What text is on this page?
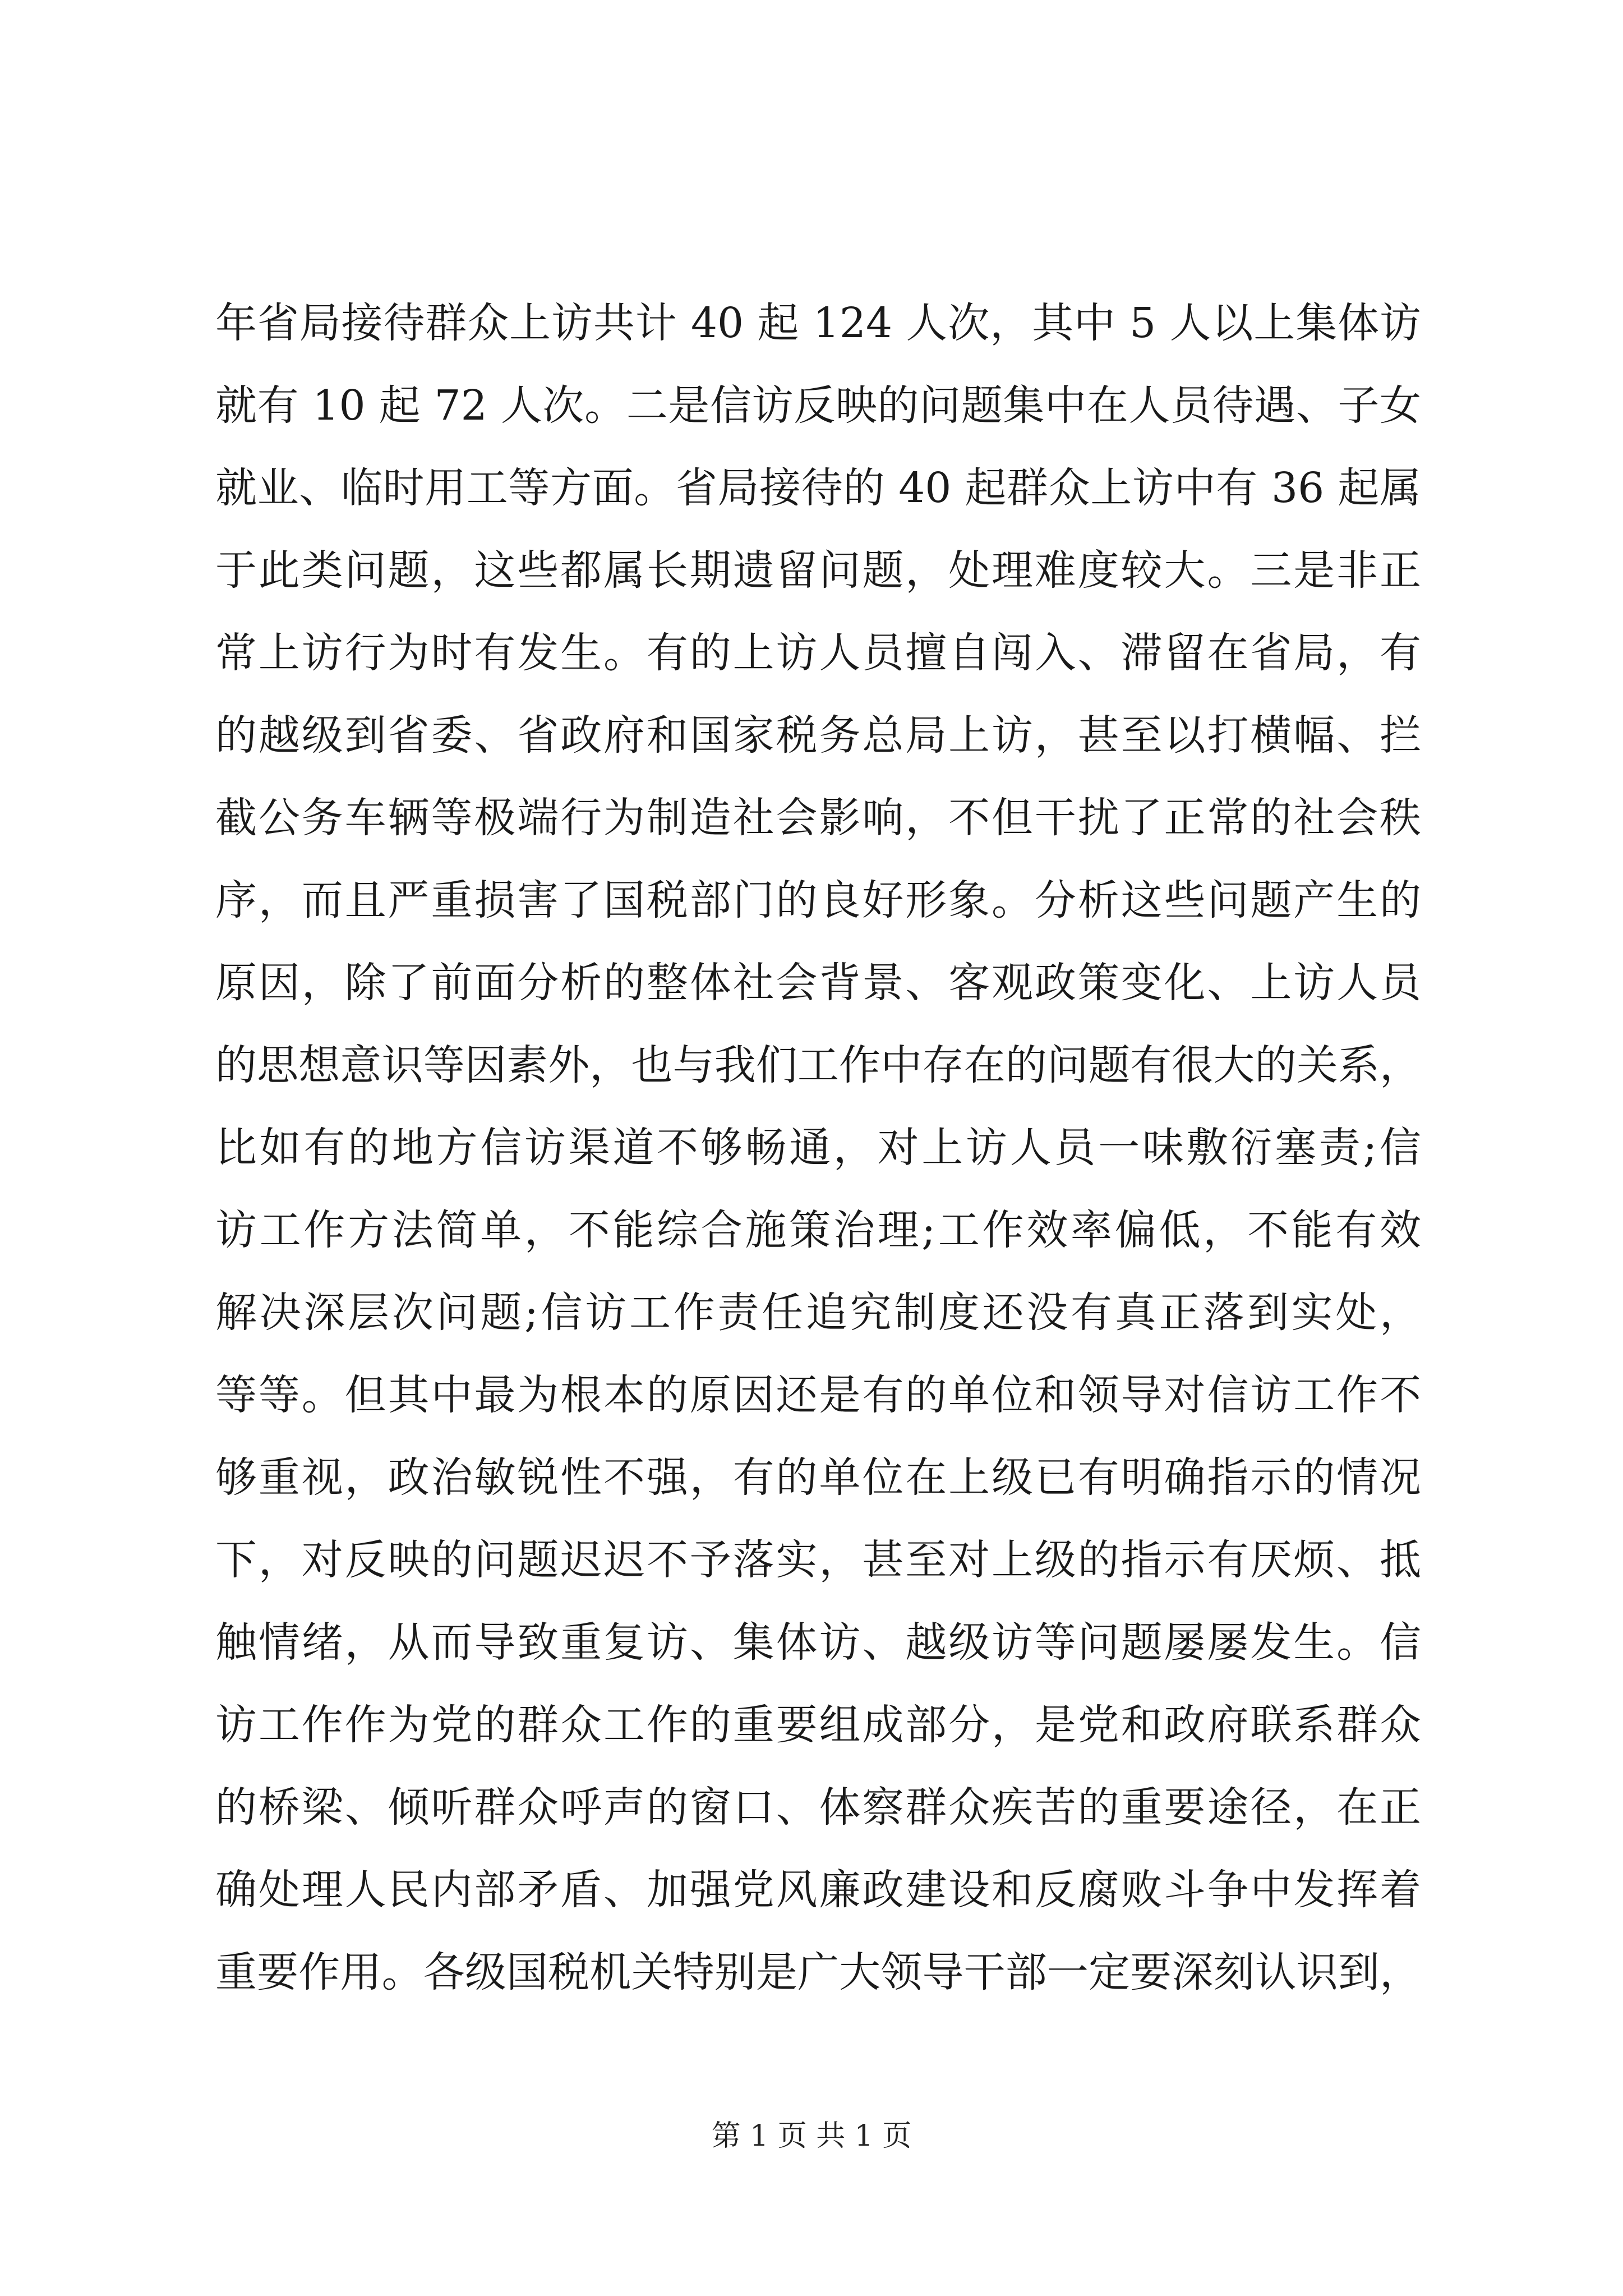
年省局接待群众上访共计 40 起 124 人次，其中 5 人以上集体访
就有 10 起 72 人次。二是信访反映的问题集中在人员待遇、子女
就业、临时用工等方面。省局接待的 40 起群众上访中有 36 起属
于此类问题，这些都属长期遗留问题，处理难度较大。三是非正
常上访行为时有发生。有的上访人员擅自闯入、滞留在省局，有
的越级到省委、省政府和国家税务总局上访，甚至以打横幅、拦
截公务车辆等极端行为制造社会影响，不但干扰了正常的社会秩
序，而且严重损害了国税部门的良好形象。分析这些问题产生的
原因，除了前面分析的整体社会背景、客观政策变化、上访人员
的思想意识等因素外，也与我们工作中存在的问题有很大的关系，
比如有的地方信访渠道不够畅通，对上访人员一味敷衍塞责;信
访工作方法简单，不能综合施策治理;工作效率偏低，不能有效
解决深层次问题;信访工作责任追究制度还没有真正落到实处，
等等。但其中最为根本的原因还是有的单位和领导对信访工作不
够重视，政治敏锐性不强，有的单位在上级已有明确指示的情况
下，对反映的问题迟迟不予落实，甚至对上级的指示有厌烦、抵
触情绪，从而导致重复访、集体访、越级访等问题屡屡发生。信
访工作作为党的群众工作的重要组成部分，是党和政府联系群众
的桥梁、倾听群众呼声的窗口、体察群众疾苦的重要途径，在正
确处理人民内部矛盾、加强党风廉政建设和反腐败斗争中发挥着
重要作用。各级国税机关特别是广大领导干部一定要深刻认识到，
第 1 页 共 1 页
